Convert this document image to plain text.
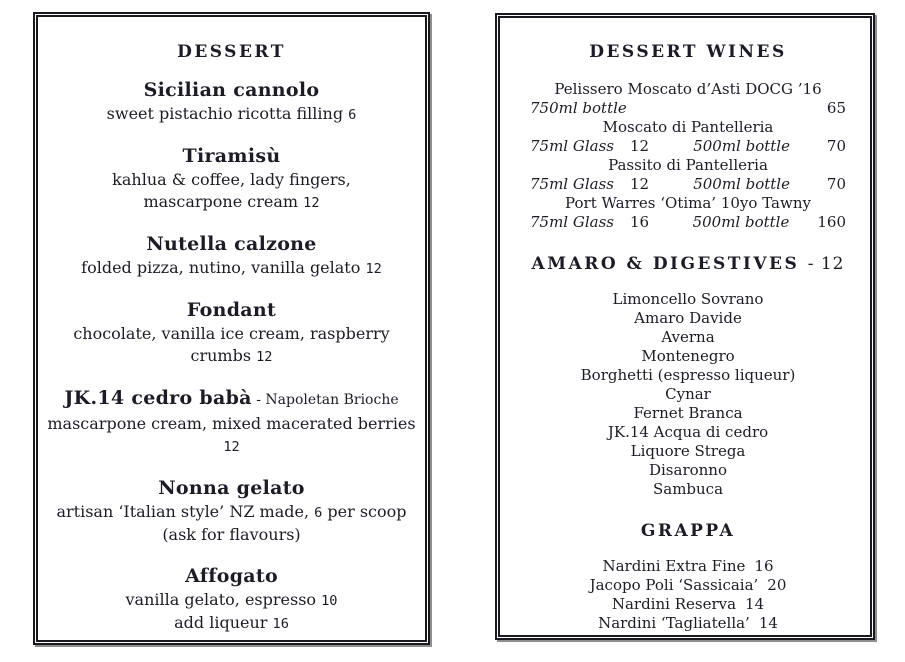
DESSERT
Sicilian cannolo
sweet pistachio ricotta filling 6
Tiramisù
kahlua & coffee, lady fingers,
mascarpone cream 12
Nutella calzone
folded pizza, nutino, vanilla gelato 12
Fondant
chocolate, vanilla ice cream, raspberry crumbs 12
JK.14 cedro babà - Napoletan Brioche
mascarpone cream, mixed macerated berries 12
Nonna gelato
artisan ‘Italian style’ NZ made, 6 per scoop
(ask for flavours)
Affogato
vanilla gelato, espresso 10
add liqueur 16
DESSERT WINES
Pelissero Moscato d’Asti DOCG ’16
750ml bottle	65
Moscato di Pantelleria
75ml Glass 12	500ml bottle	70
Passito di Pantelleria
75ml Glass 12	500ml bottle	70
Port Warres ‘Otima’ 10yo Tawny
75ml Glass 16	500ml bottle 160
AMARO & DIGESTIVES - 12
Limoncello Sovrano
Amaro Davide
Averna
Montenegro
Borghetti (espresso liqueur)
Cynar
Fernet Branca
JK.14 Acqua di cedro
Liquore Strega
Disaronno
Sambuca
GRAPPA
Nardini Extra Fine 16
Jacopo Poli ‘Sassicaia’ 20
Nardini Reserva 14
Nardini ‘Tagliatella’ 14
